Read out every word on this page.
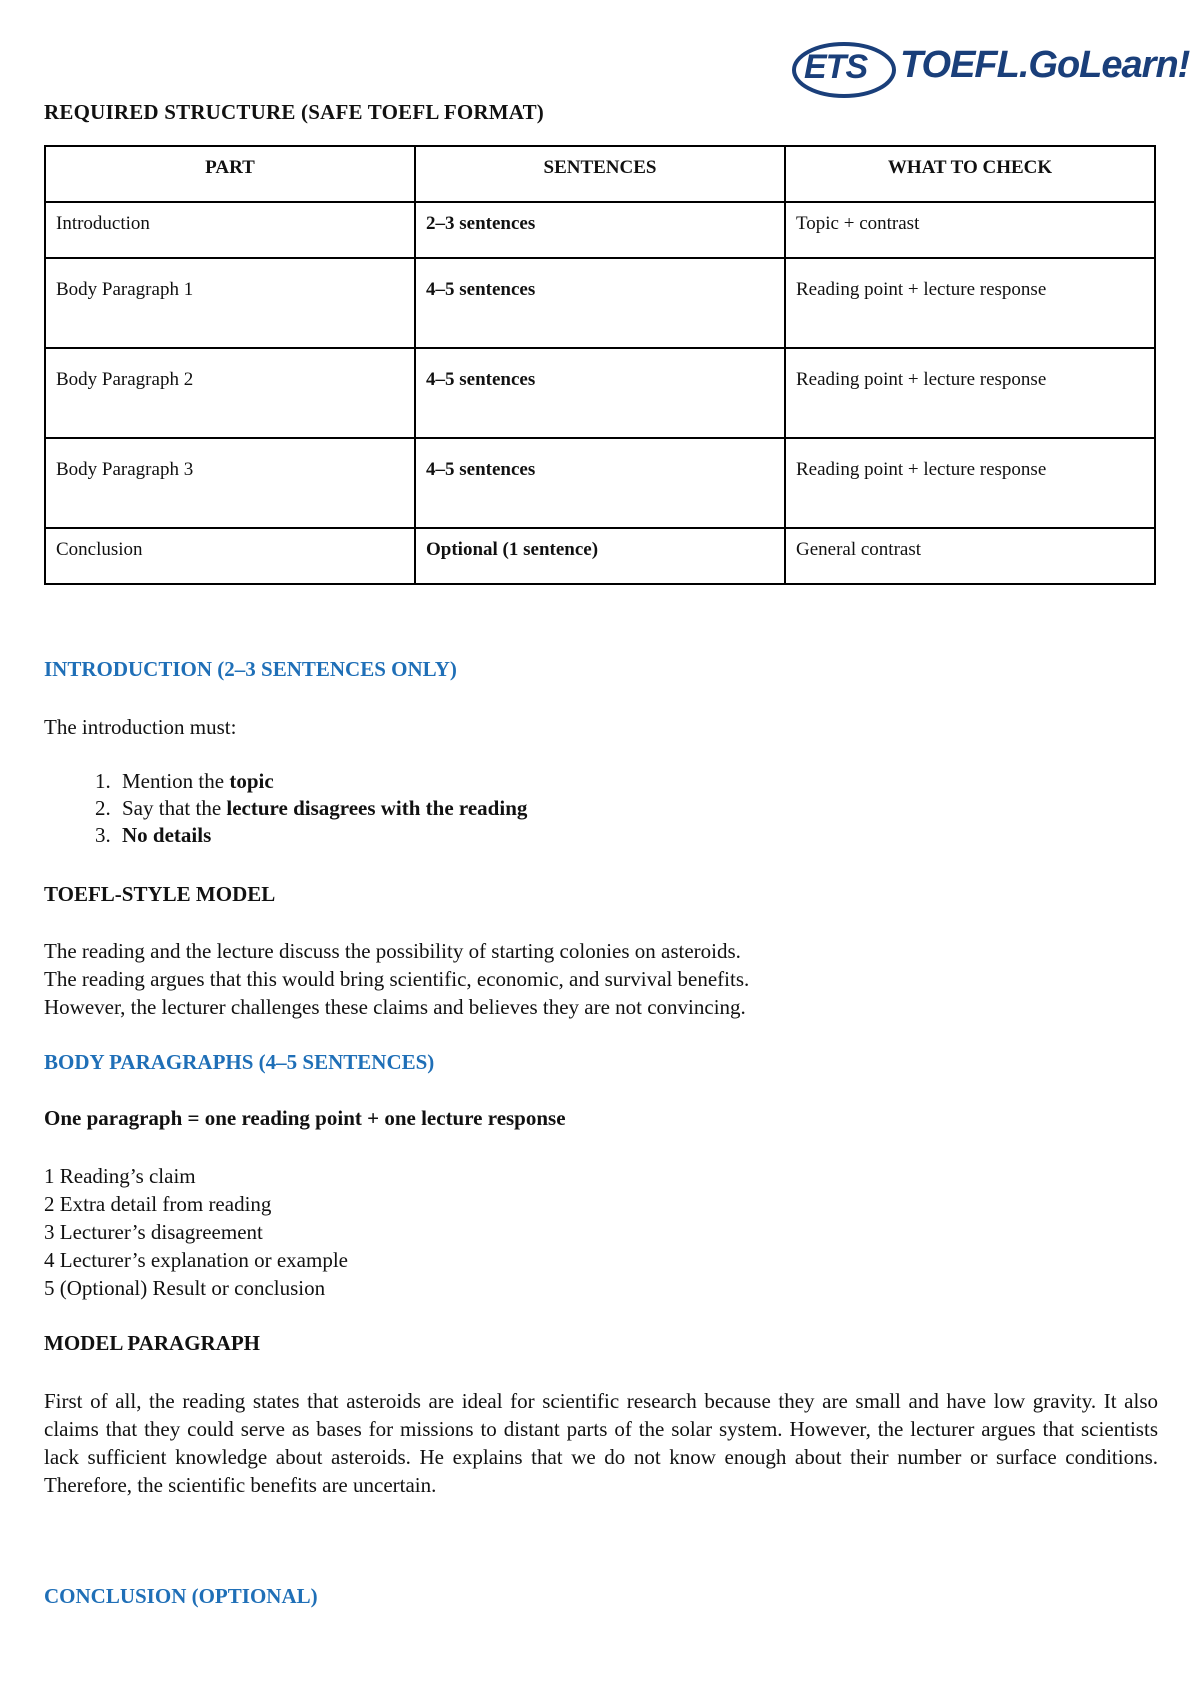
ETS TOEFL.GoLearn!
REQUIRED STRUCTURE (SAFE TOEFL FORMAT)
PART	SENTENCES	WHAT TO CHECK
Introduction	2–3 sentences	Topic + contrast
Body Paragraph 1	4–5 sentences	Reading point + lecture response
Body Paragraph 2	4–5 sentences	Reading point + lecture response
Body Paragraph 3	4–5 sentences	Reading point + lecture response
Conclusion	Optional (1 sentence)	General contrast
INTRODUCTION (2–3 SENTENCES ONLY)

The introduction must:

1. Mention the topic
2. Say that the lecture disagrees with the reading
3. No details

TOEFL-STYLE MODEL

The reading and the lecture discuss the possibility of starting colonies on asteroids.

The reading argues that this would bring scientific, economic, and survival benefits.

However, the lecturer challenges these claims and believes they are not convincing.

BODY PARAGRAPHS (4–5 SENTENCES)

One paragraph = one reading point + one lecture response

1 Reading’s claim

2 Extra detail from reading

3 Lecturer’s disagreement

4 Lecturer’s explanation or example

5 (Optional) Result or conclusion

MODEL PARAGRAPH

First of all, the reading states that asteroids are ideal for scientific research because they are small and have low gravity. It also claims that they could serve as bases for missions to distant parts of the solar system. However, the lecturer argues that scientists lack sufficient knowledge about asteroids. He explains that we do not know enough about their number or surface conditions. Therefore, the scientific benefits are uncertain.

CONCLUSION (OPTIONAL)
